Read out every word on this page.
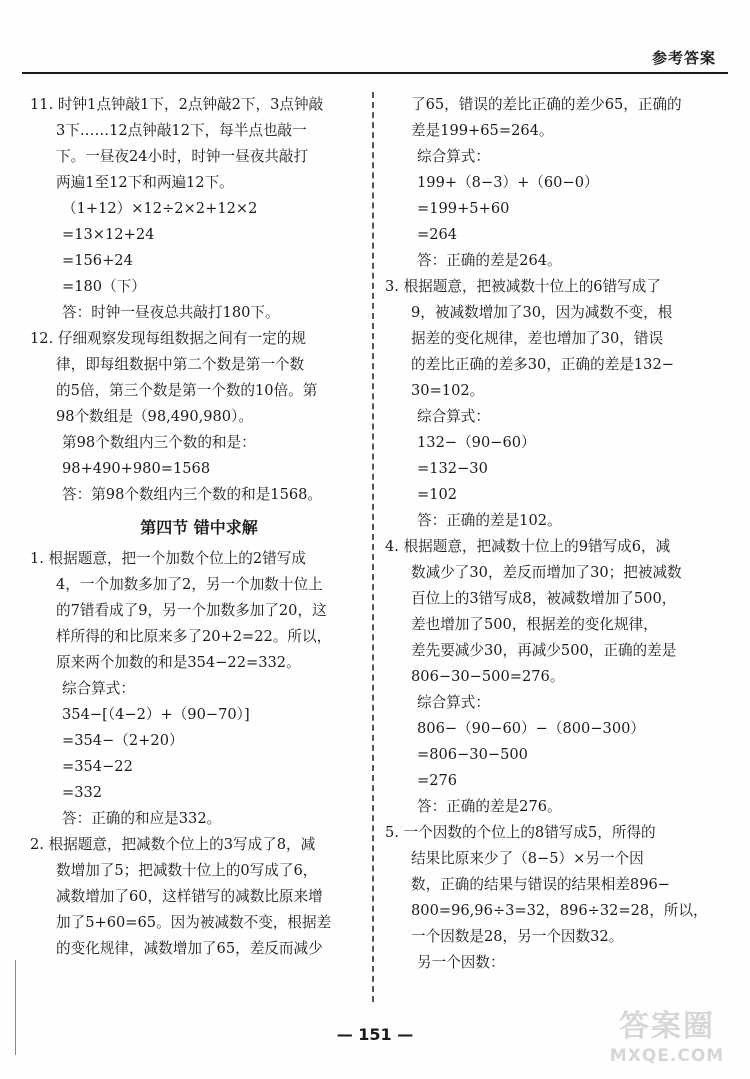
参考答案
11. 时钟1点钟敲1下，2点钟敲2下，3点钟敲
3下……12点钟敲12下，每半点也敲一
下。一昼夜24小时，时钟一昼夜共敲打
两遍1至12下和两遍12下。
（1+12）×12÷2×2+12×2
=13×12+24
=156+24
=180（下）
答：时钟一昼夜总共敲打180下。
12. 仔细观察发现每组数据之间有一定的规
律，即每组数据中第二个数是第一个数
的5倍，第三个数是第一个数的10倍。第
98个数组是（98,490,980）。
第98个数组内三个数的和是：
98+490+980=1568
答：第98个数组内三个数的和是1568。
第四节 错中求解
1. 根据题意，把一个加数个位上的2错写成
4，一个加数多加了2，另一个加数十位上
的7错看成了9，另一个加数多加了20，这
样所得的和比原来多了20+2=22。所以，
原来两个加数的和是354−22=332。
综合算式：
354−[（4−2）+（90−70）]
=354−（2+20）
=354−22
=332
答：正确的和应是332。
2. 根据题意，把减数个位上的3写成了8，减
数增加了5；把减数十位上的0写成了6，
减数增加了60，这样错写的减数比原来增
加了5+60=65。因为被减数不变，根据差
的变化规律，减数增加了65，差反而减少
了65，错误的差比正确的差少65，正确的
差是199+65=264。
综合算式：
199+（8−3）+（60−0）
=199+5+60
=264
答：正确的差是264。
3. 根据题意，把被减数十位上的6错写成了
9，被减数增加了30，因为减数不变，根
据差的变化规律，差也增加了30，错误
的差比正确的差多30，正确的差是132−
30=102。
综合算式：
132−（90−60）
=132−30
=102
答：正确的差是102。
4. 根据题意，把减数十位上的9错写成6，减
数减少了30，差反而增加了30；把被减数
百位上的3错写成8，被减数增加了500，
差也增加了500，根据差的变化规律，
差先要减少30，再减少500，正确的差是
806−30−500=276。
综合算式：
806−（90−60）−（800−300）
=806−30−500
=276
答：正确的差是276。
5. 一个因数的个位上的8错写成5，所得的
结果比原来少了（8−5）×另一个因
数，正确的结果与错误的结果相差896−
800=96,96÷3=32，896÷32=28，所以，
一个因数是28，另一个因数32。
另一个因数：
— 151 —	答案圈
MXQE.COM
